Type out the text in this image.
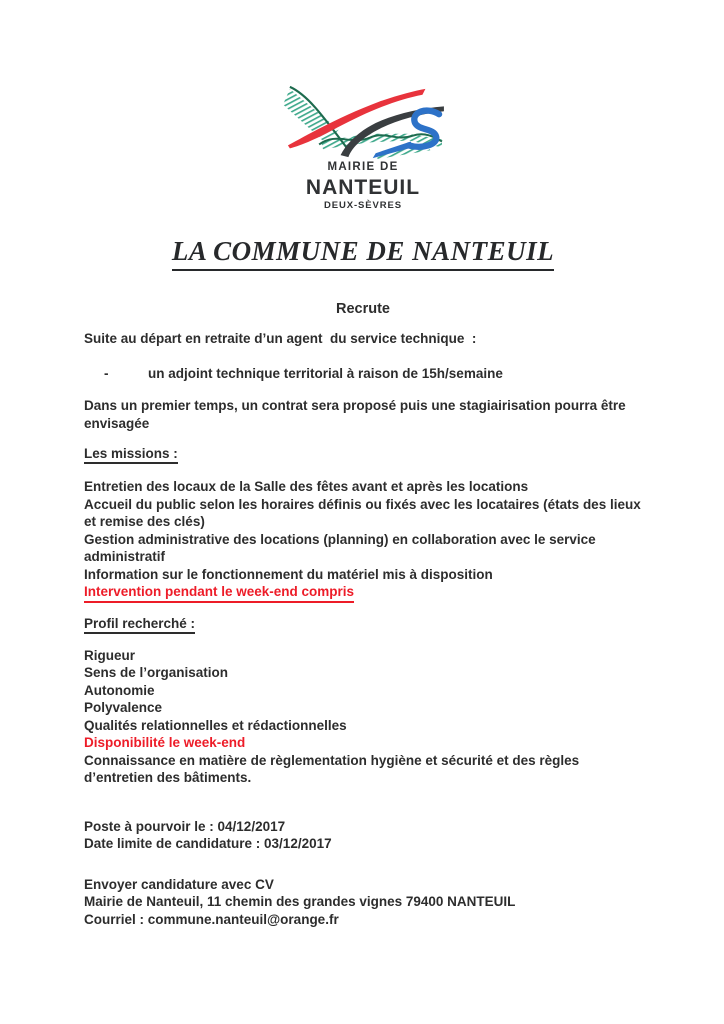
MAIRIE DE
NANTEUIL
DEUX-SÈVRES
LA COMMUNE DE NANTEUIL
Recrute
Suite au départ en retraite d’un agent  du service technique  :
-	un adjoint technique territorial à raison de 15h/semaine
Dans un premier temps, un contrat sera proposé puis une stagiairisation pourra être envisagée
Les missions :
Entretien des locaux de la Salle des fêtes avant et après les locations
Accueil du public selon les horaires définis ou fixés avec les locataires (états des lieux et remise des clés)
Gestion administrative des locations (planning) en collaboration avec le service administratif
Information sur le fonctionnement du matériel mis à disposition
Intervention pendant le week-end compris
Profil recherché :
Rigueur
Sens de l’organisation
Autonomie
Polyvalence
Qualités relationnelles et rédactionnelles
Disponibilité le week-end
Connaissance en matière de règlementation hygiène et sécurité et des règles d’entretien des bâtiments.
Poste à pourvoir le : 04/12/2017
Date limite de candidature : 03/12/2017
Envoyer candidature avec CV
Mairie de Nanteuil, 11 chemin des grandes vignes 79400 NANTEUIL
Courriel : commune.nanteuil@orange.fr
